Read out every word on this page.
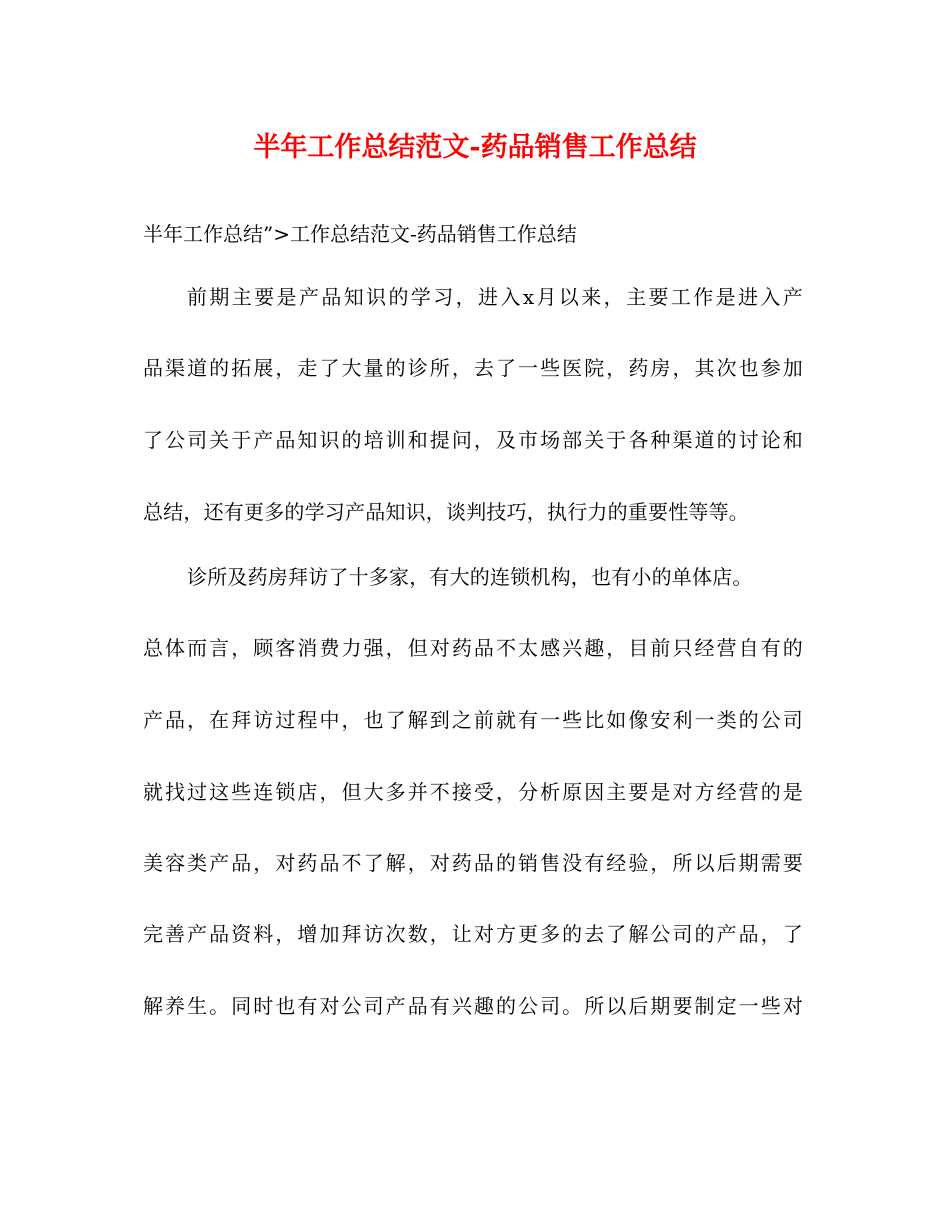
半年工作总结范文-药品销售工作总结
半年工作总结”>工作总结范文-药品销售工作总结
前期主要是产品知识的学习，进入x月以来，主要工作是进入产
品渠道的拓展，走了大量的诊所，去了一些医院，药房，其次也参加
了公司关于产品知识的培训和提问，及市场部关于各种渠道的讨论和
总结，还有更多的学习产品知识，谈判技巧，执行力的重要性等等。
诊所及药房拜访了十多家，有大的连锁机构，也有小的单体店。
总体而言，顾客消费力强，但对药品不太感兴趣，目前只经营自有的
产品，在拜访过程中，也了解到之前就有一些比如像安利一类的公司
就找过这些连锁店，但大多并不接受，分析原因主要是对方经营的是
美容类产品，对药品不了解，对药品的销售没有经验，所以后期需要
完善产品资料，增加拜访次数，让对方更多的去了解公司的产品，了
解养生。同时也有对公司产品有兴趣的公司。所以后期要制定一些对
